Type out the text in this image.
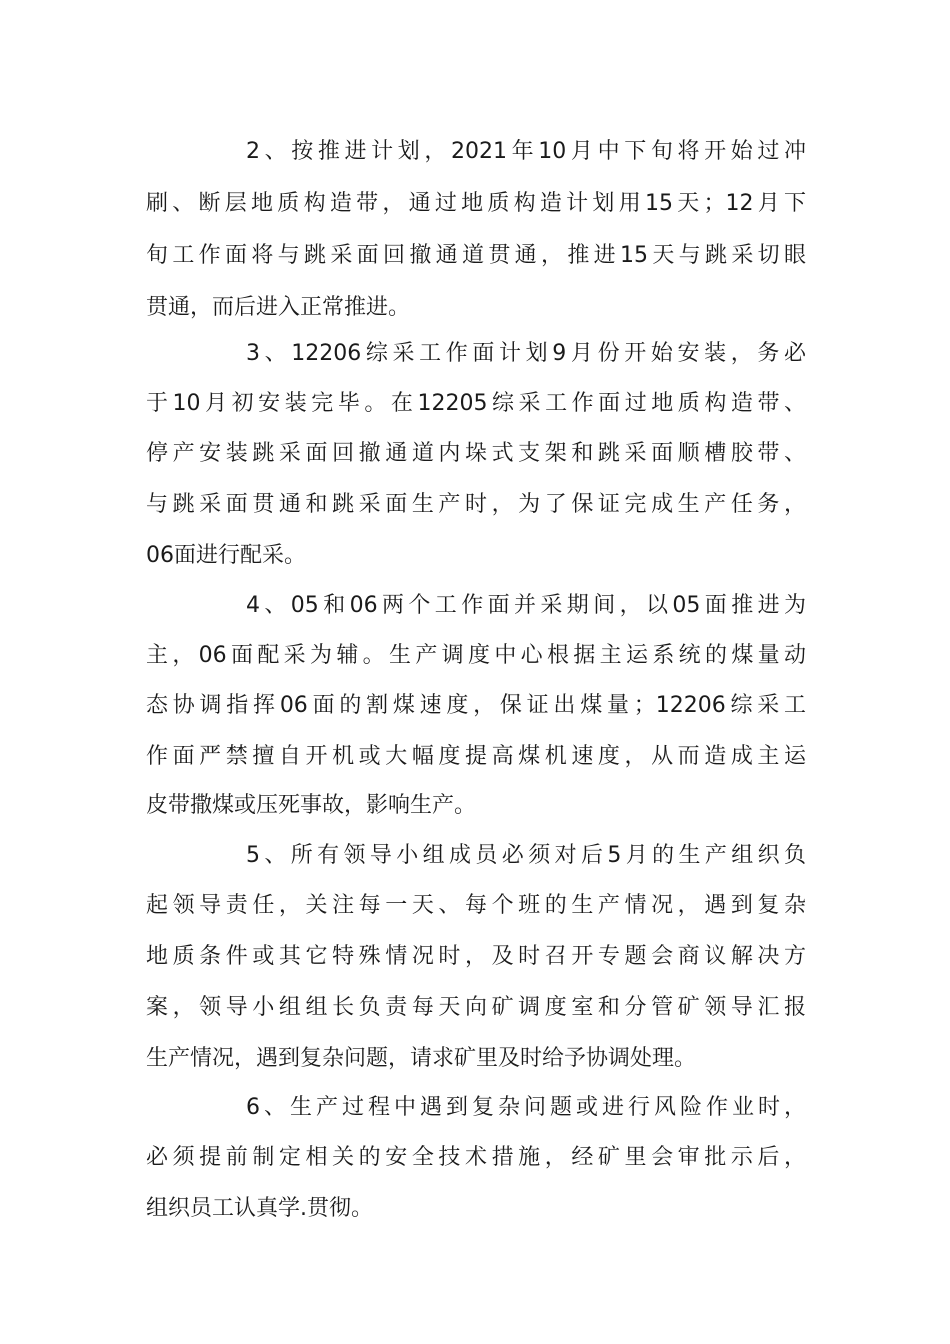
2、按推进计划，2021年10月中下旬将开始过冲
刷、断层地质构造带，通过地质构造计划用15天；12月下
旬工作面将与跳采面回撤通道贯通，推进15天与跳采切眼
贯通，而后进入正常推进。
3、12206综采工作面计划9月份开始安装，务必
于10月初安装完毕。在12205综采工作面过地质构造带、
停产安装跳采面回撤通道内垛式支架和跳采面顺槽胶带、
与跳采面贯通和跳采面生产时，为了保证完成生产任务，
06面进行配采。
4、05和06两个工作面并采期间，以05面推进为
主，06面配采为辅。生产调度中心根据主运系统的煤量动
态协调指挥06面的割煤速度，保证出煤量；12206综采工
作面严禁擅自开机或大幅度提高煤机速度，从而造成主运
皮带撒煤或压死事故，影响生产。
5、所有领导小组成员必须对后5月的生产组织负
起领导责任，关注每一天、每个班的生产情况，遇到复杂
地质条件或其它特殊情况时，及时召开专题会商议解决方
案，领导小组组长负责每天向矿调度室和分管矿领导汇报
生产情况，遇到复杂问题，请求矿里及时给予协调处理。
6、生产过程中遇到复杂问题或进行风险作业时，
必须提前制定相关的安全技术措施，经矿里会审批示后，
组织员工认真学.贯彻。
